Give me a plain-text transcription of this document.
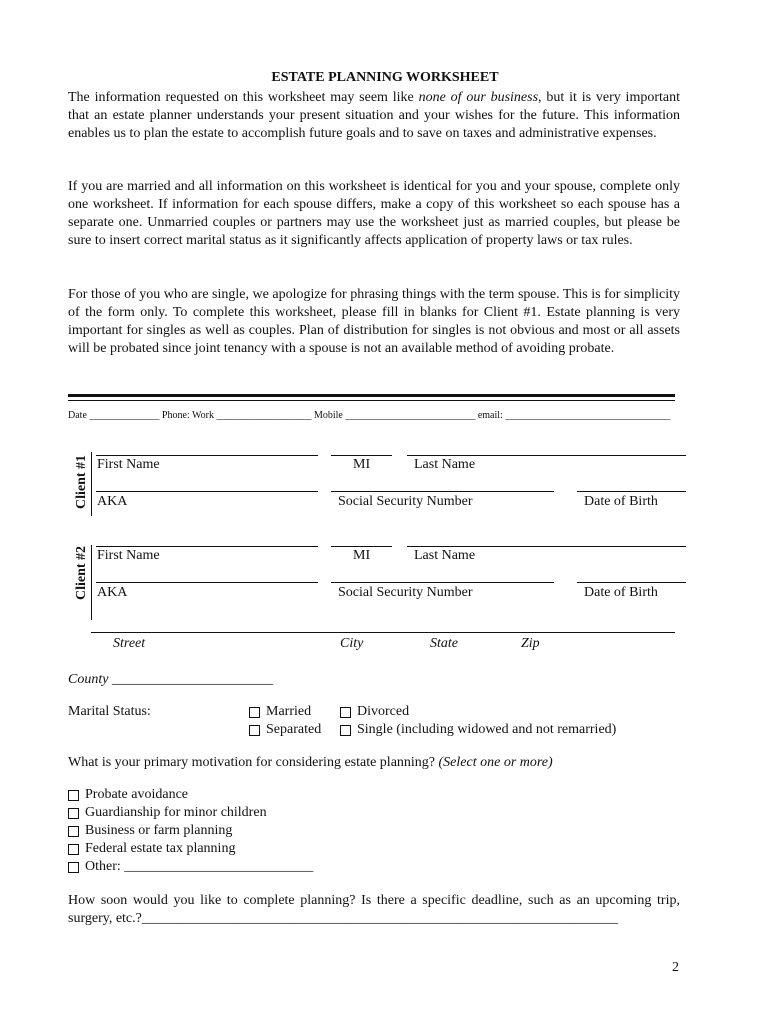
ESTATE PLANNING WORKSHEET
The information requested on this worksheet may seem like none of our business, but it is very important that an estate planner understands your present situation and your wishes for the future. This information enables us to plan the estate to accomplish future goals and to save on taxes and administrative expenses.
If you are married and all information on this worksheet is identical for you and your spouse, complete only one worksheet. If information for each spouse differs, make a copy of this worksheet so each spouse has a separate one. Unmarried couples or partners may use the worksheet just as married couples, but please be sure to insert correct marital status as it significantly affects application of property laws or tax rules.
For those of you who are single, we apologize for phrasing things with the term spouse. This is for simplicity of the form only. To complete this worksheet, please fill in blanks for Client #1. Estate planning is very important for singles as well as couples. Plan of distribution for singles is not obvious and most or all assets will be probated since joint tenancy with a spouse is not an available method of avoiding probate.
Date ______________ Phone: Work ___________________ Mobile __________________________ email: _________________________________
Client #1 First Name	MI	Last Name
AKA	Social Security Number	Date of Birth
Client #2 First Name	MI	Last Name
AKA	Social Security Number	Date of Birth
Street	City	State	Zip
County _______________________
Marital Status:	Married	Divorced
Separated	Single (including widowed and not remarried)
What is your primary motivation for considering estate planning? (Select one or more)
Probate avoidance
Guardianship for minor children
Business or farm planning
Federal estate tax planning
Other: ___________________________
How soon would you like to complete planning? Is there a specific deadline, such as an upcoming trip, surgery, etc.?____________________________________________________________________
2
